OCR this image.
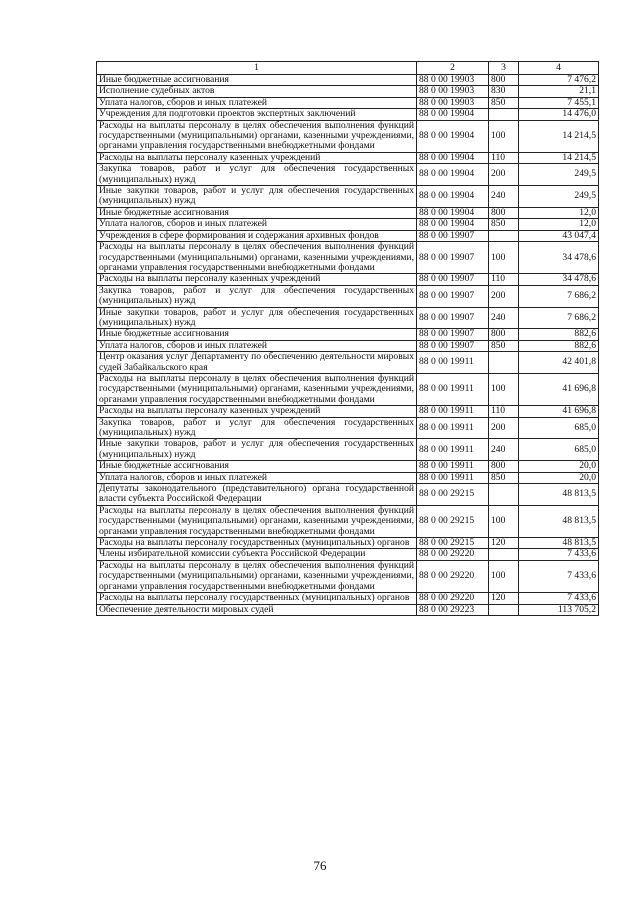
1	2	3	4
Иные бюджетные ассигнования	88 0 00 19903	800	7 476,2
Исполнение судебных актов	88 0 00 19903	830	21,1
Уплата налогов, сборов и иных платежей	88 0 00 19903	850	7 455,1
Учреждения для подготовки проектов экспертных заключений	88 0 00 19904		14 476,0
Расходы на выплаты персоналу в целях обеспечения выполнения функций государственными (муниципальными) органами, казенными учреждениями, органами управления государственными внебюджетными фондами	88 0 00 19904	100	14 214,5
Расходы на выплаты персоналу казенных учреждений	88 0 00 19904	110	14 214,5
Закупка товаров, работ и услуг для обеспечения государственных (муниципальных) нужд	88 0 00 19904	200	249,5
Иные закупки товаров, работ и услуг для обеспечения государственных (муниципальных) нужд	88 0 00 19904	240	249,5
Иные бюджетные ассигнования	88 0 00 19904	800	12,0
Уплата налогов, сборов и иных платежей	88 0 00 19904	850	12,0
Учреждения в сфере формирования и содержания архивных фондов	88 0 00 19907		43 047,4
Расходы на выплаты персоналу в целях обеспечения выполнения функций государственными (муниципальными) органами, казенными учреждениями, органами управления государственными внебюджетными фондами	88 0 00 19907	100	34 478,6
Расходы на выплаты персоналу казенных учреждений	88 0 00 19907	110	34 478,6
Закупка товаров, работ и услуг для обеспечения государственных (муниципальных) нужд	88 0 00 19907	200	7 686,2
Иные закупки товаров, работ и услуг для обеспечения государственных (муниципальных) нужд	88 0 00 19907	240	7 686,2
Иные бюджетные ассигнования	88 0 00 19907	800	882,6
Уплата налогов, сборов и иных платежей	88 0 00 19907	850	882,6
Центр оказания услуг Департаменту по обеспечению деятельности мировых судей Забайкальского края	88 0 00 19911		42 401,8
Расходы на выплаты персоналу в целях обеспечения выполнения функций государственными (муниципальными) органами, казенными учреждениями, органами управления государственными внебюджетными фондами	88 0 00 19911	100	41 696,8
Расходы на выплаты персоналу казенных учреждений	88 0 00 19911	110	41 696,8
Закупка товаров, работ и услуг для обеспечения государственных (муниципальных) нужд	88 0 00 19911	200	685,0
Иные закупки товаров, работ и услуг для обеспечения государственных (муниципальных) нужд	88 0 00 19911	240	685,0
Иные бюджетные ассигнования	88 0 00 19911	800	20,0
Уплата налогов, сборов и иных платежей	88 0 00 19911	850	20,0
Депутаты законодательного (представительного) органа государственной власти субъекта Российской Федерации	88 0 00 29215		48 813,5
Расходы на выплаты персоналу в целях обеспечения выполнения функций государственными (муниципальными) органами, казенными учреждениями, органами управления государственными внебюджетными фондами	88 0 00 29215	100	48 813,5
Расходы на выплаты персоналу государственных (муниципальных) органов	88 0 00 29215	120	48 813,5
Члены избирательной комиссии субъекта Российской Федерации	88 0 00 29220		7 433,6
Расходы на выплаты персоналу в целях обеспечения выполнения функций государственными (муниципальными) органами, казенными учреждениями, органами управления государственными внебюджетными фондами	88 0 00 29220	100	7 433,6
Расходы на выплаты персоналу государственных (муниципальных) органов	88 0 00 29220	120	7 433,6
Обеспечение деятельности мировых судей	88 0 00 29223		113 705,2
76
